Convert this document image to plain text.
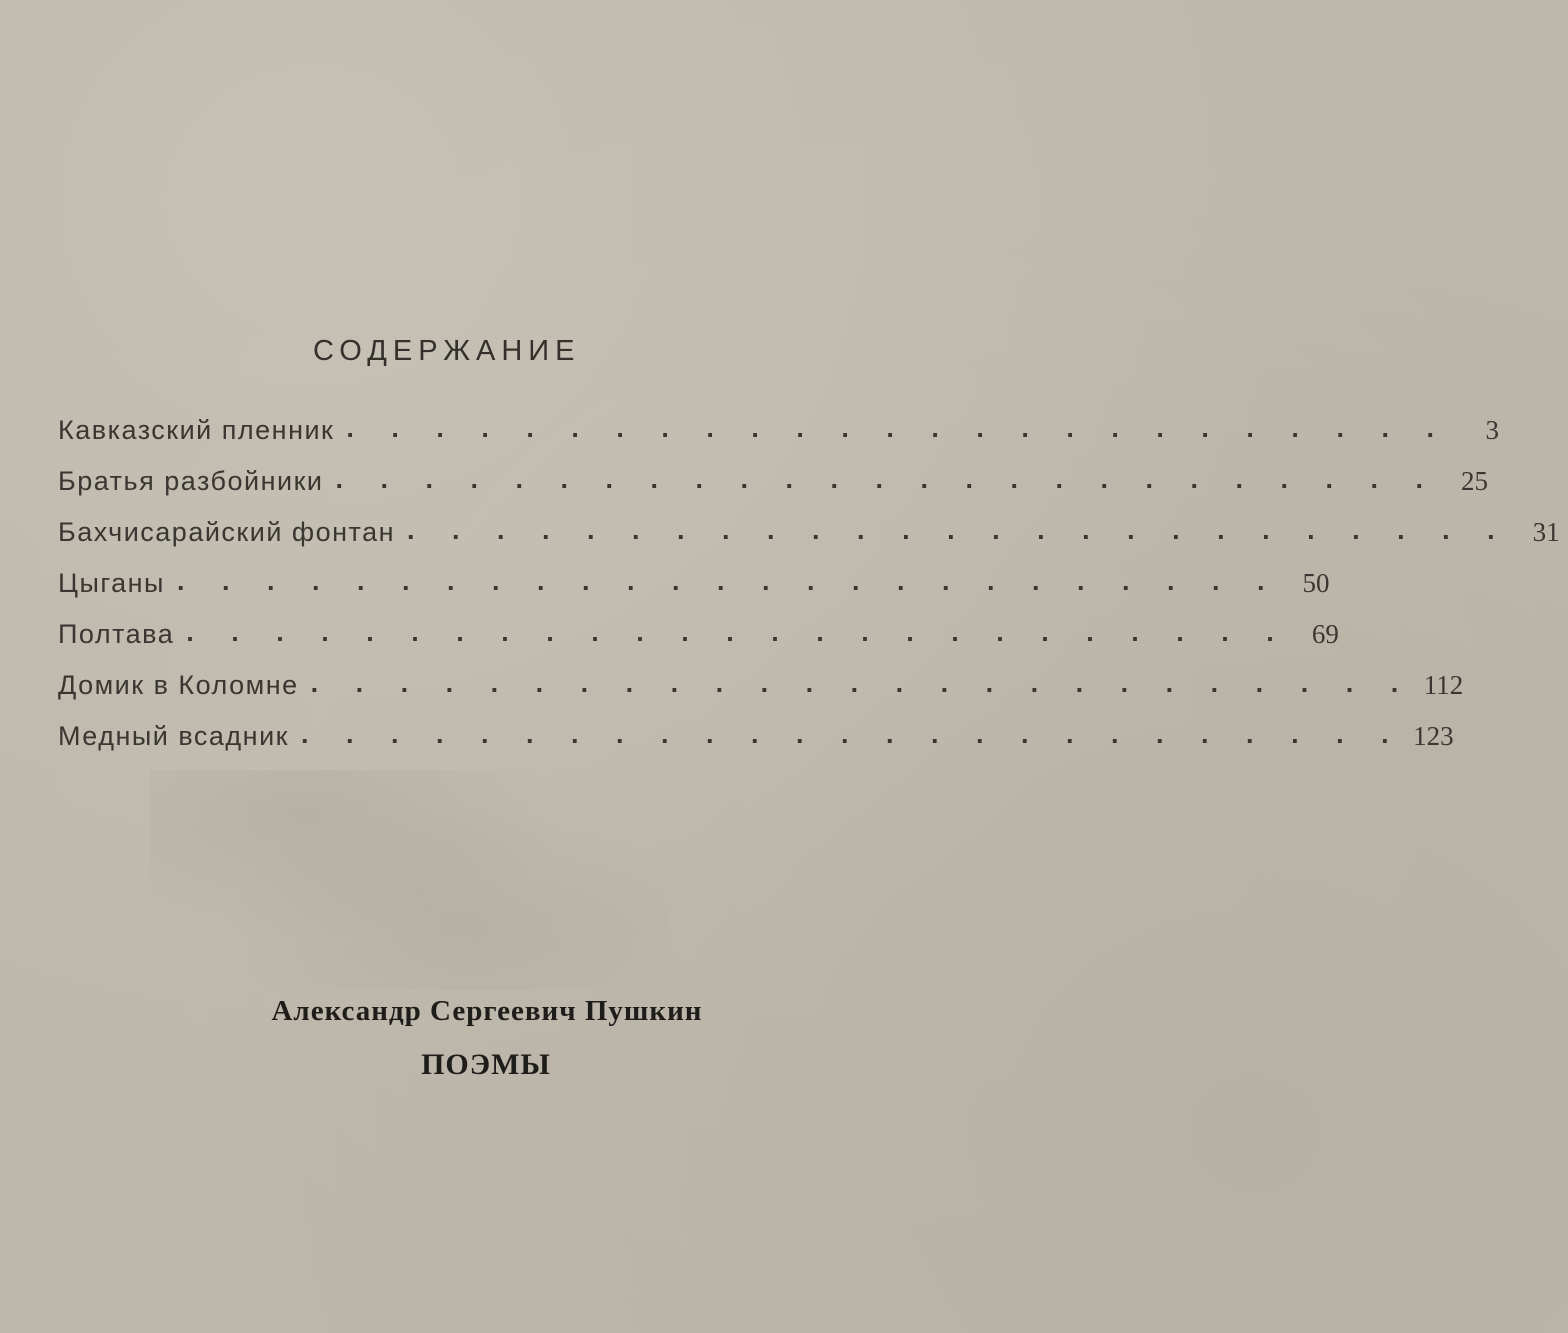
СОДЕРЖАНИЕ
Кавказский пленник . . . . . . . . . . . . . . . . . . . . . . . . .	3
Братья разбойники . . . . . . . . . . . . . . . . . . . . . . . . . 25
Бахчисарайский фонтан . . . . . . . . . . . . . . . . . . . . . . . . . 31
Цыганы . . . . . . . . . . . . . . . . . . . . . . . . . 50
Полтава . . . . . . . . . . . . . . . . . . . . . . . . . 69
Домик в Коломне . . . . . . . . . . . . . . . . . . . . . . . . . 112
Медный всадник . . . . . . . . . . . . . . . . . . . . . . . . . 123
Александр Сергеевич Пушкин
ПОЭМЫ
